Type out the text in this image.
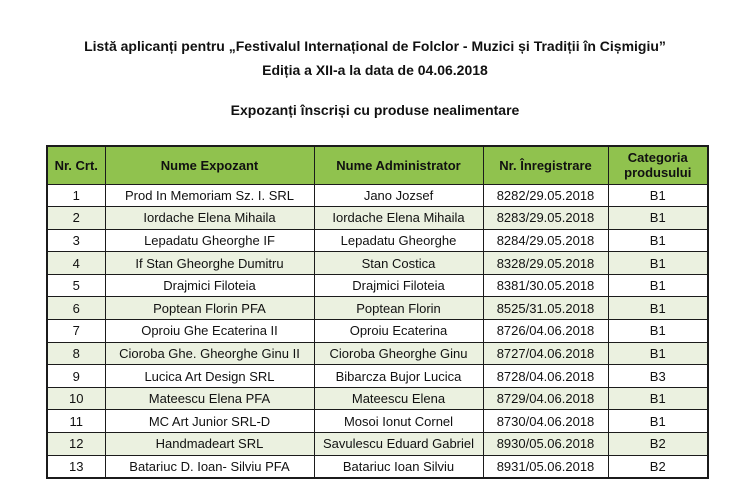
Listă aplicanți pentru „Festivalul Internațional de Folclor - Muzici și Tradiții în Cișmigiu”
Ediția a XII-a la data de 04.06.2018
Expozanți înscriși cu produse nealimentare
Nr. Crt.	Nume Expozant	Nume Administrator	Nr. Înregistrare	Categoria produsului
1	Prod In Memoriam Sz. I. SRL	Jano Jozsef	8282/29.05.2018	B1
2	Iordache Elena Mihaila	Iordache Elena Mihaila	8283/29.05.2018	B1
3	Lepadatu Gheorghe IF	Lepadatu Gheorghe	8284/29.05.2018	B1
4	If Stan Gheorghe Dumitru	Stan Costica	8328/29.05.2018	B1
5	Drajmici Filoteia	Drajmici Filoteia	8381/30.05.2018	B1
6	Poptean Florin PFA	Poptean Florin	8525/31.05.2018	B1
7	Oproiu Ghe Ecaterina II	Oproiu Ecaterina	8726/04.06.2018	B1
8	Cioroba Ghe. Gheorghe Ginu II	Cioroba Gheorghe Ginu	8727/04.06.2018	B1
9	Lucica Art Design SRL	Bibarcza Bujor Lucica	8728/04.06.2018	B3
10	Mateescu Elena PFA	Mateescu Elena	8729/04.06.2018	B1
11	MC Art Junior SRL-D	Mosoi Ionut Cornel	8730/04.06.2018	B1
12	Handmadeart SRL	Savulescu Eduard Gabriel	8930/05.06.2018	B2
13	Batariuc D. Ioan- Silviu PFA	Batariuc Ioan Silviu	8931/05.06.2018	B2
